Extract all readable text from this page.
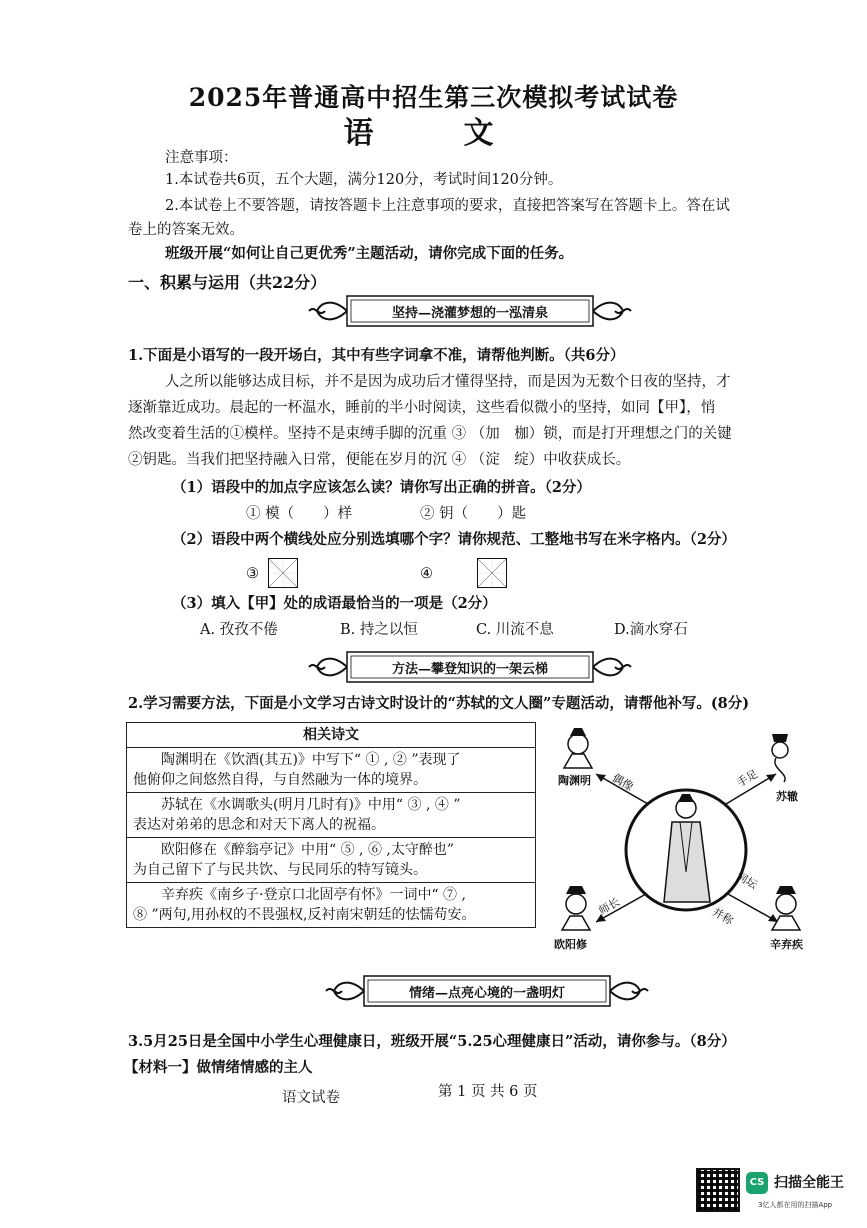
2025年普通高中招生第三次模拟考试试卷
语　文
注意事项：
1.本试卷共6页，五个大题，满分120分，考试时间120分钟。
2.本试卷上不要答题，请按答题卡上注意事项的要求，直接把答案写在答题卡上。答在试
卷上的答案无效。
班级开展“如何让自己更优秀”主题活动，请你完成下面的任务。
一、积累与运用（共22分）
坚持—浇灌梦想的一泓清泉
1.下面是小语写的一段开场白，其中有些字词拿不准，请帮他判断。（共6分）
人之所以能够达成目标，并不是因为成功后才懂得坚持，而是因为无数个日夜的坚持，才
逐渐靠近成功。晨起的一杯温水，睡前的半小时阅读，这些看似微小的坚持，如同【甲】，悄
然改变着生活的①模样。坚持不是束缚手脚的沉重 ③ （加　枷）锁，而是打开理想之门的关键
②钥匙。当我们把坚持融入日常，便能在岁月的沉 ④ （淀　绽）中收获成长。
（1）语段中的加点字应该怎么读？请你写出正确的拼音。（2分）
① 模（　　）样	② 钥（　　）匙
（2）语段中两个横线处应分别选填哪个字？请你规范、工整地书写在米字格内。（2分）
③
	④
（3）填入【甲】处的成语最恰当的一项是（2分）
A. 孜孜不倦	B. 持之以恒	C. 川流不息	D.滴水穿石
方法—攀登知识的一架云梯
2.学习需要方法，下面是小文学习古诗文时设计的“苏轼的文人圈”专题活动，请帮他补写。(8分)
相关诗文

陶渊明在《饮酒(其五)》中写下“ ① , ② ”表现了
他俯仰之间悠然自得，与自然融为一体的境界。

苏轼在《水调歌头(明月几时有)》中用“ ③ , ④ ”
表达对弟弟的思念和对天下离人的祝福。

欧阳修在《醉翁亭记》中用“ ⑤ , ⑥ ,太守醉也”
为自己留下了与民共饮、与民同乐的特写镜头。

辛弃疾《南乡子·登京口北固亭有怀》一词中“ ⑦ ,
⑧ ”两句,用孙权的不畏强权,反衬南宋朝廷的怯懦苟安。
陶渊明
苏辙
欧阳修	辛弃疾
偶像	手足
师长
词坛
并称
情绪—点亮心境的一盏明灯
3.5月25日是全国中小学生心理健康日，班级开展“5.25心理健康日”活动，请你参与。（8分）
【材料一】做情绪情感的主人
语文试卷	第 1 页 共 6 页
CS 扫描全能王
3亿人都在用的扫描App
